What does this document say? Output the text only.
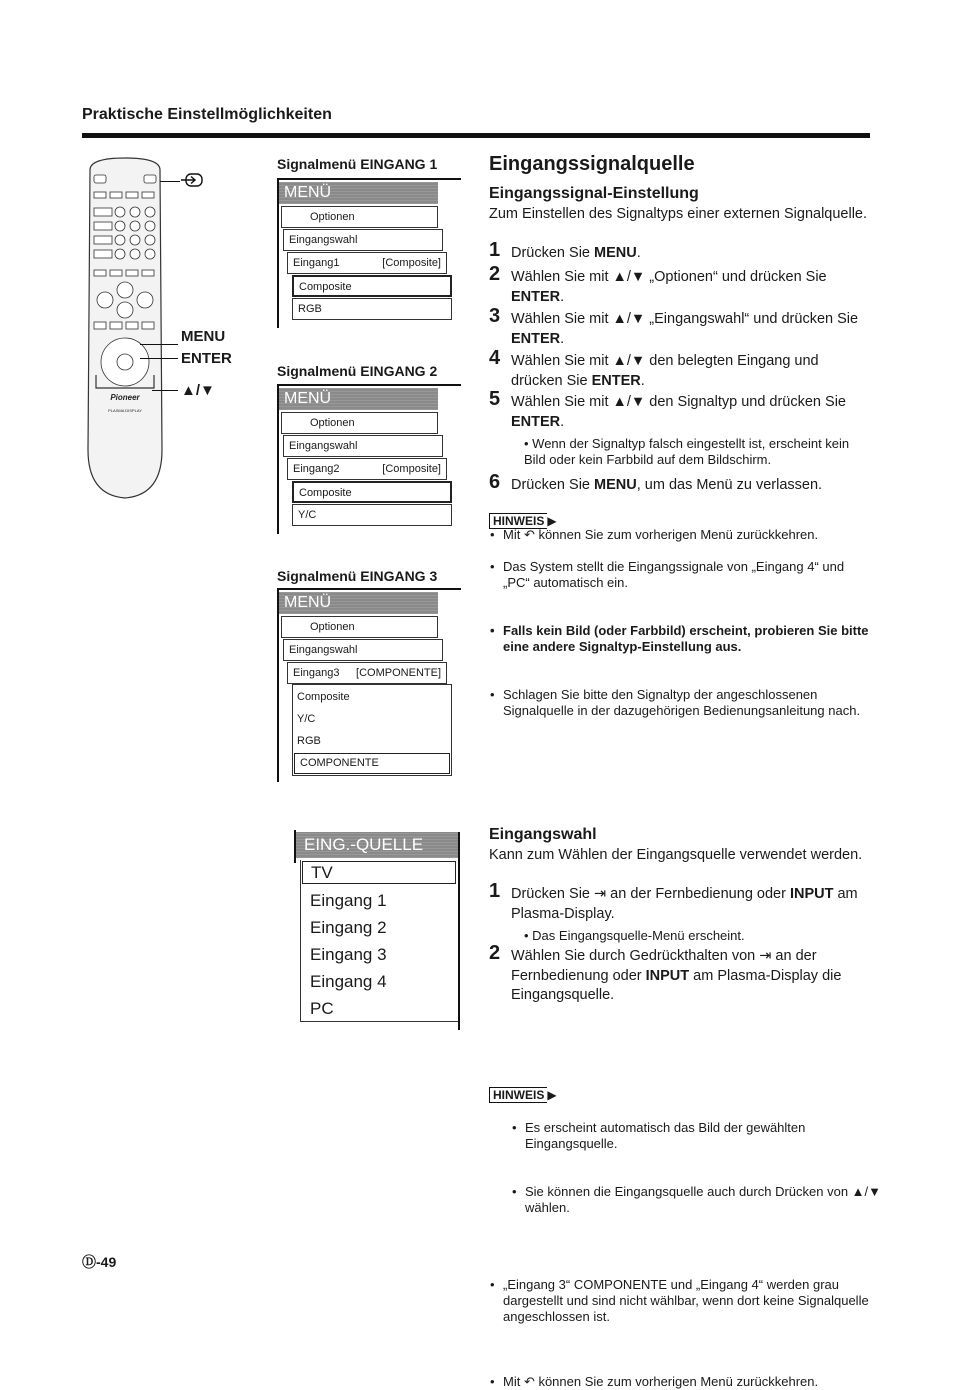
Praktische Einstellmöglichkeiten
Pioneer
PLASMA DISPLAY
MENU
ENTER
▲/▼
Signalmenü EINGANG 1
MENÜ
Optionen
Eingangswahl
Eingang1	[Composite]
Composite
RGB
Signalmenü EINGANG 2
MENÜ
Optionen
Eingangswahl
Eingang2	[Composite]
Composite
Y/C
Signalmenü EINGANG 3
MENÜ
Optionen
Eingangswahl
Eingang3 [COMPONENTE]
Composite
Y/C
RGB
COMPONENTE
Eingangssignalquelle
Eingangssignal-Einstellung
Zum Einstellen des Signaltyps einer externen Signalquelle.
1 Drücken Sie MENU.
2 Wählen Sie mit ▲/▼ „Optionen“ und drücken Sie ENTER.
3 Wählen Sie mit ▲/▼ „Eingangswahl“ und drücken Sie ENTER.
4 Wählen Sie mit ▲/▼ den belegten Eingang und drücken Sie ENTER.
5 Wählen Sie mit ▲/▼ den Signaltyp und drücken Sie ENTER.
• Wenn der Signaltyp falsch eingestellt ist, erscheint kein Bild oder kein Farbbild auf dem Bildschirm.
6 Drücken Sie MENU, um das Menü zu verlassen.
HINWEIS ▶
• Mit ↶ können Sie zum vorherigen Menü zurückkehren.
• Das System stellt die Eingangssignale von „Eingang 4“ und „PC“ automatisch ein.
• Falls kein Bild (oder Farbbild) erscheint, probieren Sie bitte eine andere Signaltyp-Einstellung aus.
• Schlagen Sie bitte den Signaltyp der angeschlossenen Signalquelle in der dazugehörigen Bedienungsanleitung nach.
EING.-QUELLE
TV
Eingang 1
Eingang 2
Eingang 3
Eingang 4
PC
Eingangswahl
Kann zum Wählen der Eingangsquelle verwendet werden.
1 Drücken Sie ⇥ an der Fernbedienung oder INPUT am Plasma-Display.
• Das Eingangsquelle-Menü erscheint.
2 Wählen Sie durch Gedrückthalten von ⇥ an der Fernbedienung oder INPUT am Plasma-Display die Eingangsquelle.
• Es erscheint automatisch das Bild der gewählten Eingangsquelle.
• Sie können die Eingangsquelle auch durch Drücken von ▲/▼ wählen.
HINWEIS ▶
• „Eingang 3“ COMPONENTE und „Eingang 4“ werden grau dargestellt und sind nicht wählbar, wenn dort keine Signalquelle angeschlossen ist.
• Mit ↶ können Sie zum vorherigen Menü zurückkehren.
Ⓓ-49
